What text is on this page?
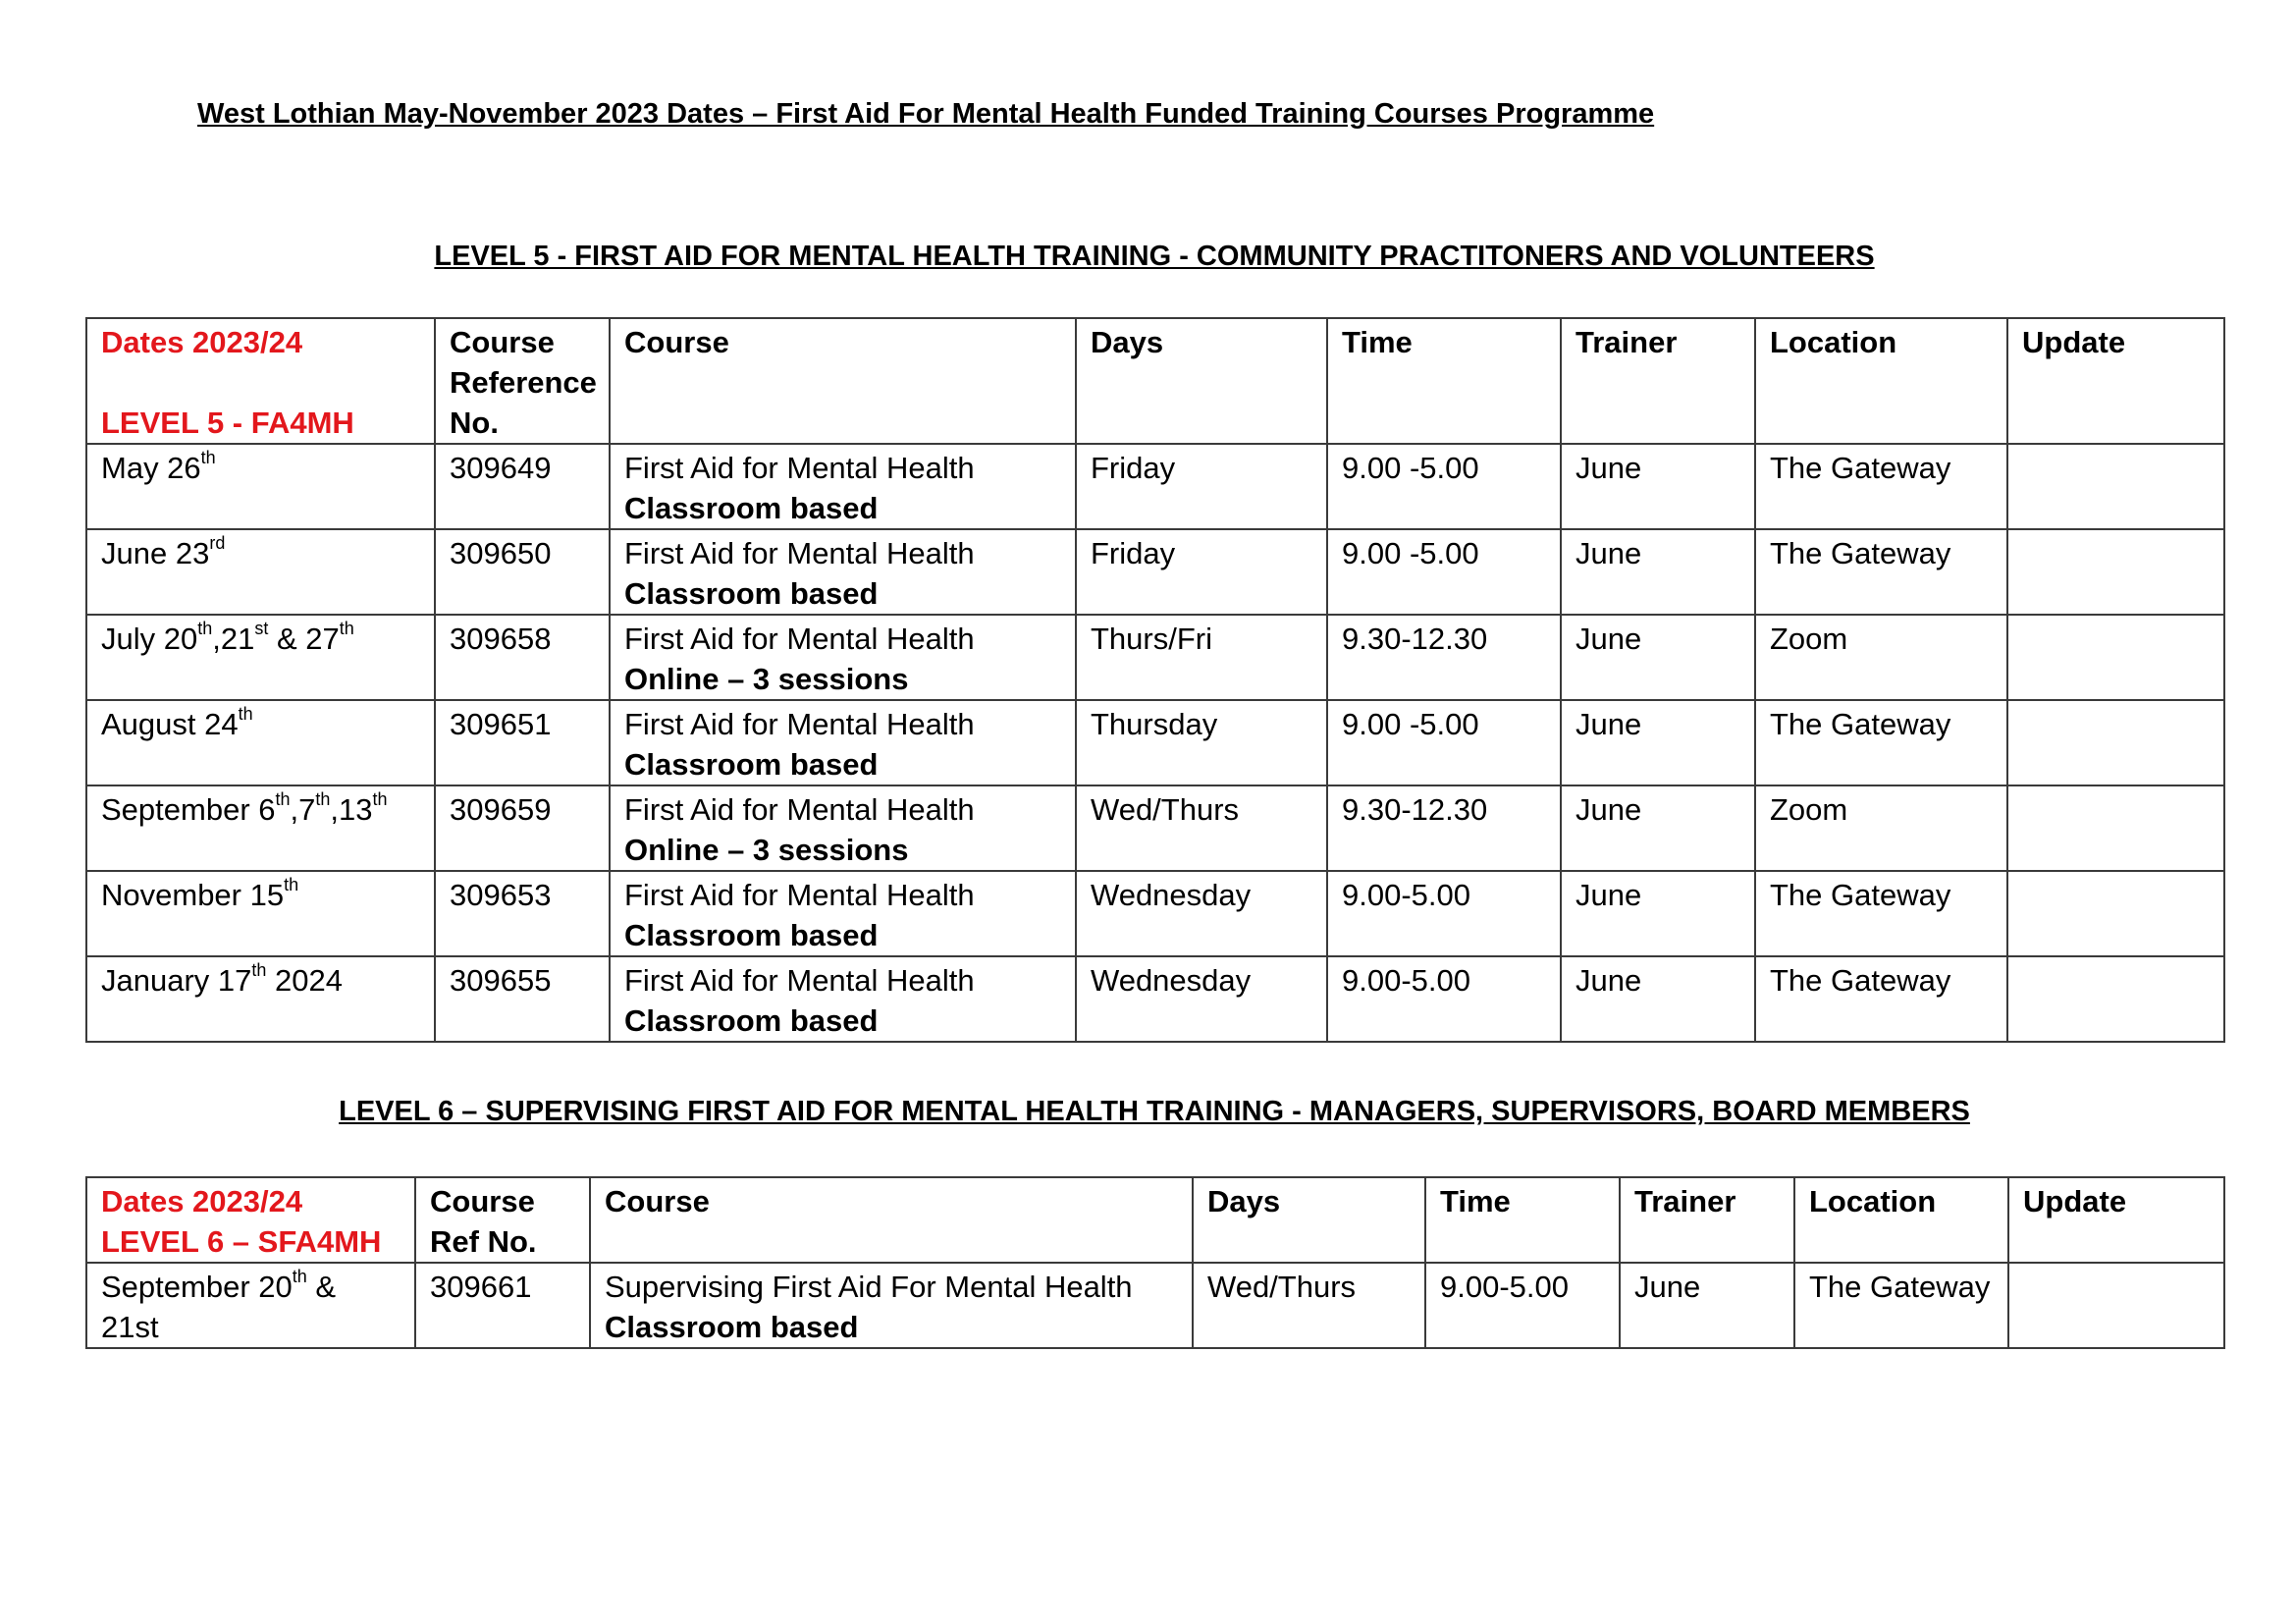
West Lothian May-November 2023 Dates – First Aid For Mental Health Funded Training Courses Programme
LEVEL 5 - FIRST AID FOR MENTAL HEALTH TRAINING - COMMUNITY PRACTITONERS AND VOLUNTEERS
Dates 2023/24
LEVEL 5 - FA4MH	Course
Reference
No.	Course	Days	Time	Trainer	Location	Update
May 26th	309649	First Aid for Mental Health
Classroom based	Friday	9.00 -5.00	June	The Gateway	
June 23rd	309650	First Aid for Mental Health
Classroom based	Friday	9.00 -5.00	June	The Gateway	
July 20th,21st & 27th	309658	First Aid for Mental Health
Online – 3 sessions	Thurs/Fri	9.30-12.30	June	Zoom	
August 24th	309651	First Aid for Mental Health
Classroom based	Thursday	9.00 -5.00	June	The Gateway	
September 6th,7th,13th	309659	First Aid for Mental Health
Online – 3 sessions	Wed/Thurs	9.30-12.30	June	Zoom	
November 15th	309653	First Aid for Mental Health
Classroom based	Wednesday	9.00-5.00	June	The Gateway	
January 17th 2024	309655	First Aid for Mental Health
Classroom based	Wednesday	9.00-5.00	June	The Gateway	
LEVEL 6 – SUPERVISING FIRST AID FOR MENTAL HEALTH TRAINING - MANAGERS, SUPERVISORS, BOARD MEMBERS
Dates 2023/24
LEVEL 6 – SFA4MH	Course
Ref No.	Course	Days	Time	Trainer	Location	Update
September 20th &
21st	309661	Supervising First Aid For Mental Health
Classroom based	Wed/Thurs	9.00-5.00	June	The Gateway	
